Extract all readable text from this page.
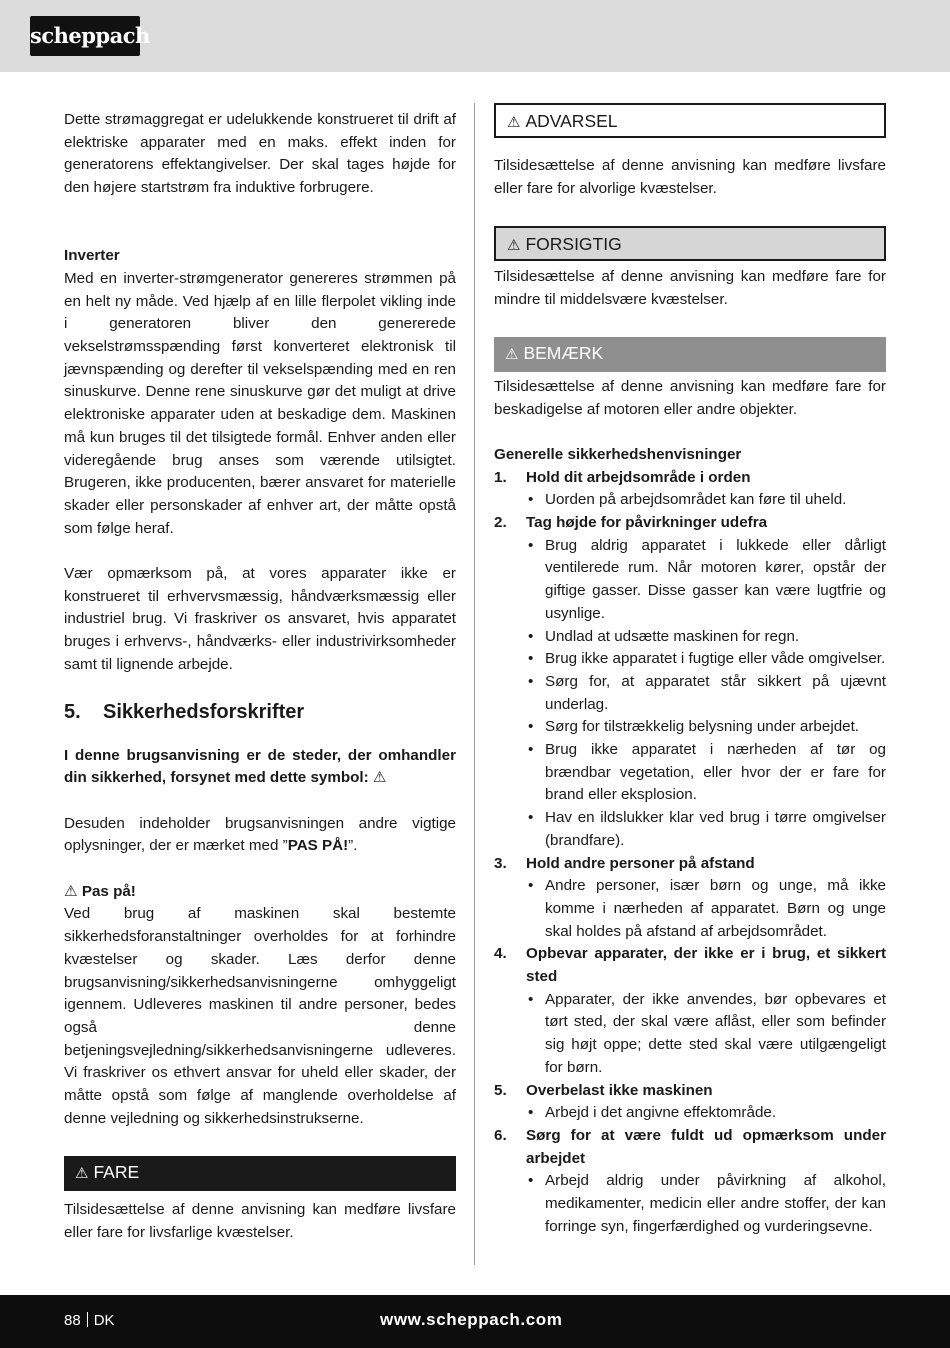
scheppach

Dette strømaggregat er udelukkende konstrueret til drift af elektriske apparater med en maks. effekt inden for generatorens effektangivelser. Der skal tages højde for den højere startstrøm fra induktive forbrugere.

Inverter

Med en inverter-strømgenerator genereres strømmen på en helt ny måde. Ved hjælp af en lille flerpolet vikling inde i generatoren bliver den genererede vekselstrømsspænding først konverteret elektronisk til jævnspænding og derefter til vekselspænding med en ren sinuskurve. Denne rene sinuskurve gør det muligt at drive elektroniske apparater uden at beskadige dem. Maskinen må kun bruges til det tilsigtede formål. Enhver anden eller videregående brug anses som værende utilsigtet. Brugeren, ikke producenten, bærer ansvaret for materielle skader eller personskader af enhver art, der måtte opstå som følge heraf.

Vær opmærksom på, at vores apparater ikke er konstrueret til erhvervsmæssig, håndværksmæssig eller industriel brug. Vi fraskriver os ansvaret, hvis apparatet bruges i erhvervs-, håndværks- eller industrivirksomheder samt til lignende arbejde.

5. Sikkerhedsforskrifter

I denne brugsanvisning er de steder, der omhandler din sikkerhed, forsynet med dette symbol: ⚠

Desuden indeholder brugsanvisningen andre vigtige oplysninger, der er mærket med ”PAS PÅ!”.

⚠ Pas på!

Ved brug af maskinen skal bestemte sikkerhedsforanstaltninger overholdes for at forhindre kvæstelser og skader. Læs derfor denne brugsanvisning/sikkerhedsanvisningerne omhyggeligt igennem. Udleveres maskinen til andre personer, bedes også denne betjeningsvejledning/sikkerhedsanvisningerne udleveres. Vi fraskriver os ethvert ansvar for uheld eller skader, der måtte opstå som følge af manglende overholdelse af denne vejledning og sikkerhedsinstrukserne.

⚠ FARE

Tilsidesættelse af denne anvisning kan medføre livsfare eller fare for livsfarlige kvæstelser.

⚠ ADVARSEL

Tilsidesættelse af denne anvisning kan medføre livsfare eller fare for alvorlige kvæstelser.

⚠ FORSIGTIG

Tilsidesættelse af denne anvisning kan medføre fare for mindre til middelsvære kvæstelser.

⚠ BEMÆRK

Tilsidesættelse af denne anvisning kan medføre fare for beskadigelse af motoren eller andre objekter.

Generelle sikkerhedshenvisninger

1. Hold dit arbejdsområde i orden
• Uorden på arbejdsområdet kan føre til uheld.
2. Tag højde for påvirkninger udefra
• Brug aldrig apparatet i lukkede eller dårligt ventilerede rum. Når motoren kører, opstår der giftige gasser. Disse gasser kan være lugtfrie og usynlige.
• Undlad at udsætte maskinen for regn.
• Brug ikke apparatet i fugtige eller våde omgivelser.
• Sørg for, at apparatet står sikkert på ujævnt underlag.
• Sørg for tilstrækkelig belysning under arbejdet.
• Brug ikke apparatet i nærheden af tør og brændbar vegetation, eller hvor der er fare for brand eller eksplosion.
• Hav en ildslukker klar ved brug i tørre omgivelser (brandfare).
3. Hold andre personer på afstand
• Andre personer, især børn og unge, må ikke komme i nærheden af apparatet. Børn og unge skal holdes på afstand af arbejdsområdet.
4. Opbevar apparater, der ikke er i brug, et sikkert sted
• Apparater, der ikke anvendes, bør opbevares et tørt sted, der skal være aflåst, eller som befinder sig højt oppe; dette sted skal være utilgængeligt for børn.
5. Overbelast ikke maskinen
• Arbejd i det angivne effektområde.
6. Sørg for at være fuldt ud opmærksom under arbejdet
• Arbejd aldrig under påvirkning af alkohol, medikamenter, medicin eller andre stoffer, der kan forringe syn, fingerfærdighed og vurderingsevne.
88 DK	www.scheppach.com
